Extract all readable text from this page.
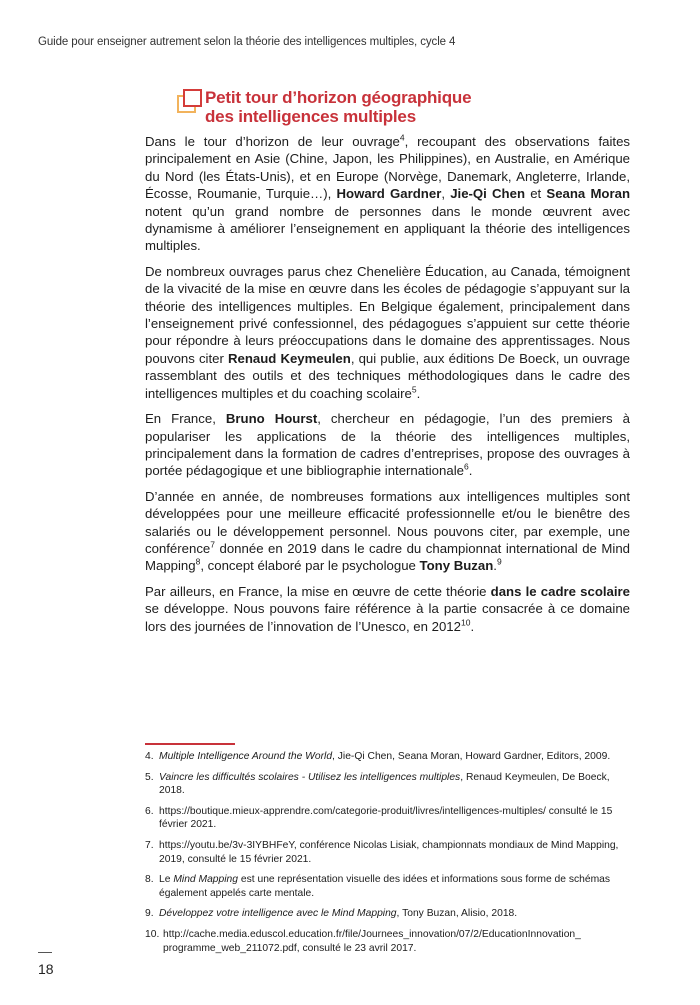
Guide pour enseigner autrement selon la théorie des intelligences multiples, cycle 4
Petit tour d’horizon géographique
des intelligences multiples

Dans le tour d’horizon de leur ouvrage$^4$, recoupant des observations faites principalement en Asie (Chine, Japon, les Philippines), en Australie, en Amérique du Nord (les États-Unis), et en Europe (Norvège, Danemark, Angleterre, Irlande, Écosse, Roumanie, Turquie…), Howard Gardner, Jie-Qi Chen et Seana Moran notent qu’un grand nombre de personnes dans le monde œuvrent avec dynamisme à améliorer l’enseignement en appliquant la théorie des intelligences multiples.

De nombreux ouvrages parus chez Chenelière Éducation, au Canada, témoignent de la vivacité de la mise en œuvre dans les écoles de pédagogie s’appuyant sur la théorie des intelligences multiples. En Belgique également, principalement dans l’enseignement privé confessionnel, des pédagogues s’appuient sur cette théorie pour répondre à leurs préoccupations dans le domaine des apprentissages. Nous pouvons citer Renaud Keymeulen, qui publie, aux éditions De Boeck, un ouvrage rassemblant des outils et des techniques méthodologiques dans le cadre des intelligences multiples et du coaching scolaire$^5$.

En France, Bruno Hourst, chercheur en pédagogie, l’un des premiers à populariser les applications de la théorie des intelligences multiples, principalement dans la formation de cadres d’entreprises, propose des ouvrages à portée pédagogique et une bibliographie internationale$^6$.

D’année en année, de nombreuses formations aux intelligences multiples sont développées pour une meilleure efficacité professionnelle et/ou le bienêtre des salariés ou le développement personnel. Nous pouvons citer, par exemple, une conférence$^7$ donnée en 2019 dans le cadre du championnat international de Mind Mapping$^8$, concept élaboré par le psychologue Tony Buzan.$^9$

Par ailleurs, en France, la mise en œuvre de cette théorie dans le cadre scolaire se développe. Nous pouvons faire référence à la partie consacrée à ce domaine lors des journées de l’innovation de l’Unesco, en 2012$^{10}$.

4. Multiple Intelligence Around the World, Jie-Qi Chen, Seana Moran, Howard Gardner, Editors, 2009.
5. Vaincre les difficultés scolaires - Utilisez les intelligences multiples, Renaud Keymeulen, De Boeck, 2018.
6. https://boutique.mieux-apprendre.com/categorie-produit/livres/intelligences-multiples/ consulté le 15 février 2021.
7. https://youtu.be/3v-3IYBHFeY, conférence Nicolas Lisiak, championnats mondiaux de Mind Mapping, 2019, consulté le 15 février 2021.
8. Le Mind Mapping est une représentation visuelle des idées et informations sous forme de schémas également appelés carte mentale.
9. Développez votre intelligence avec le Mind Mapping, Tony Buzan, Alisio, 2018.
10. http://cache.media.eduscol.education.fr/file/Journees_innovation/07/2/EducationInnovation_ programme_web_211072.pdf, consulté le 23 avril 2017.
18
